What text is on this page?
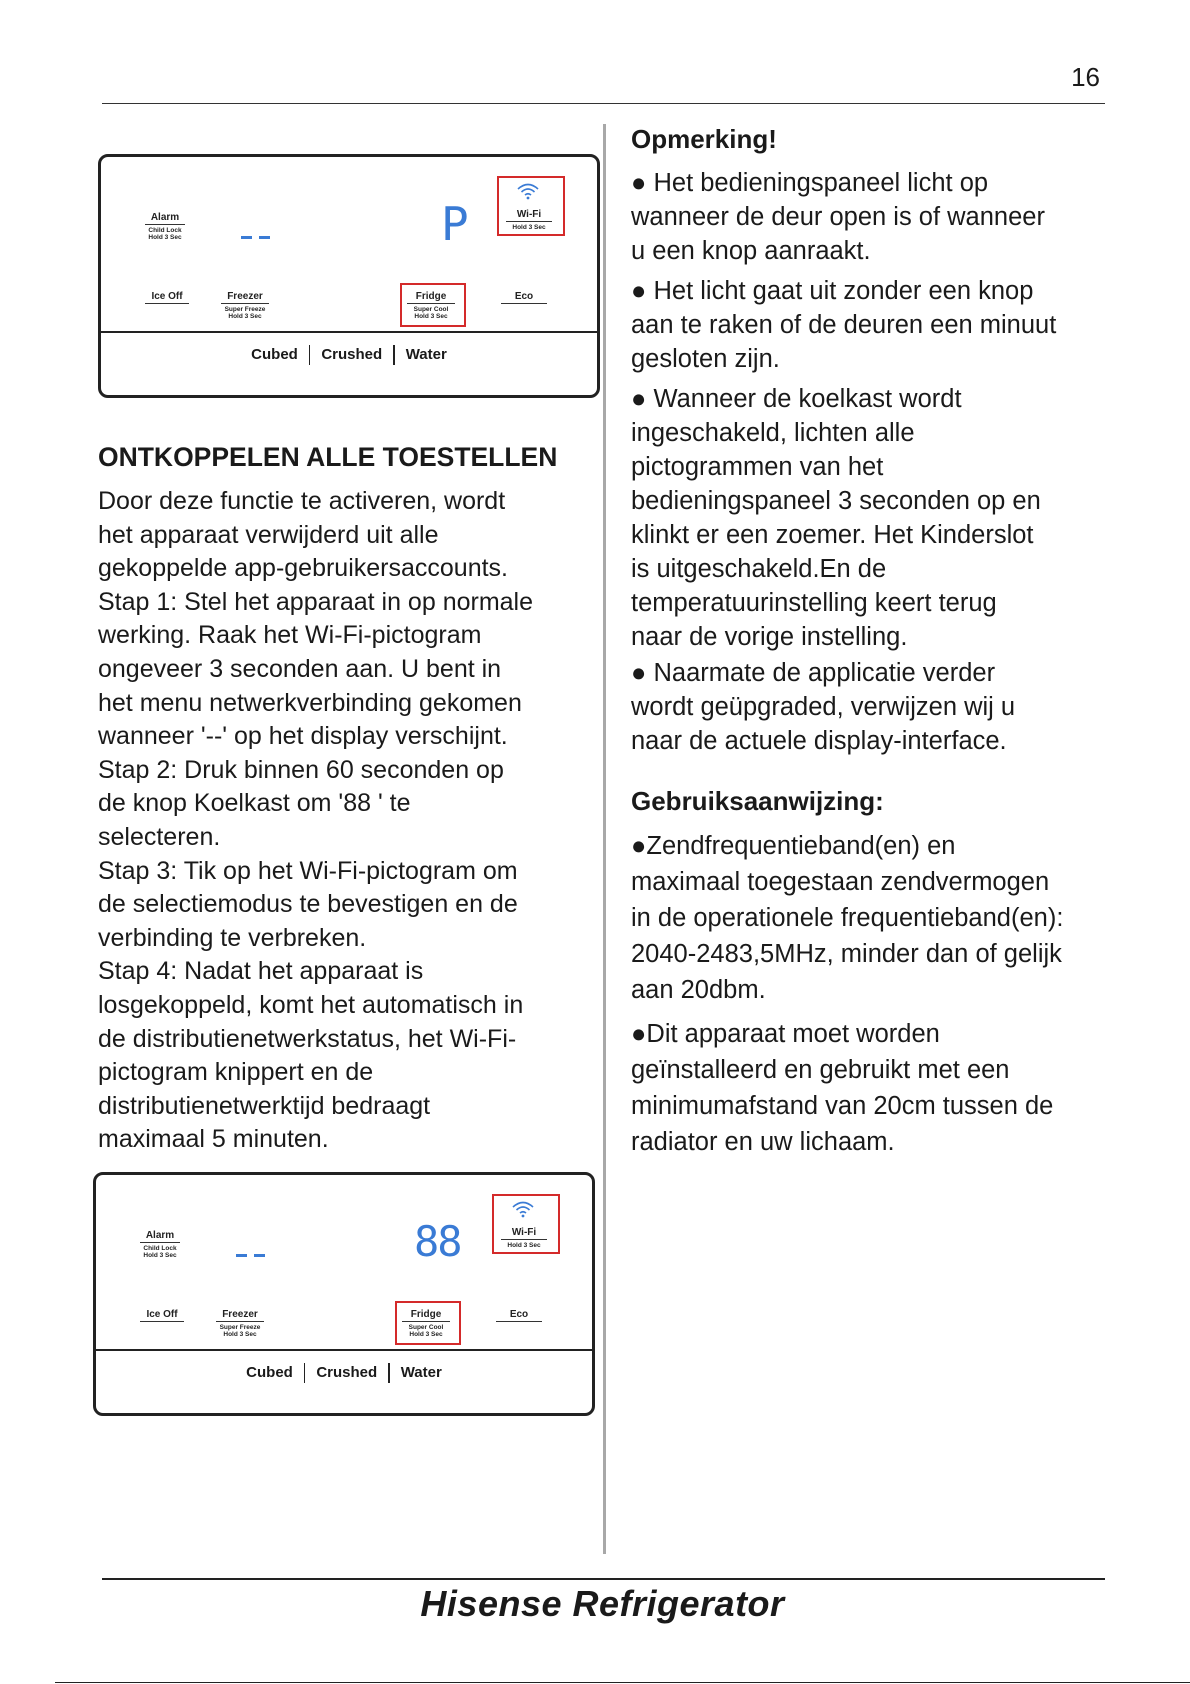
16
Alarm
Child Lock
Hold 3 Sec	P	Wi-Fi
Hold 3 Sec
Ice Off	Freezer
Super Freeze
Hold 3 Sec
Fridge
Super Cool
Hold 3 Sec
Eco
Cubed Crushed Water
ONTKOPPELEN ALLE TOESTELLEN
Door deze functie te activeren, wordt
het apparaat verwijderd uit alle
gekoppelde app-gebruikersaccounts.
Stap 1: Stel het apparaat in op normale
werking. Raak het Wi-Fi-pictogram
ongeveer 3 seconden aan. U bent in
het menu netwerkverbinding gekomen
wanneer '--' op het display verschijnt.
Stap 2: Druk binnen 60 seconden op
de knop Koelkast om '88 ' te
selecteren.
Stap 3: Tik op het Wi-Fi-pictogram om
de selectiemodus te bevestigen en de
verbinding te verbreken.
Stap 4: Nadat het apparaat is
losgekoppeld, komt het automatisch in
de distributienetwerkstatus, het Wi-Fi-
pictogram knippert en de
distributienetwerktijd bedraagt
maximaal 5 minuten.
Alarm
Child Lock
Hold 3 Sec	88	Wi-Fi
Hold 3 Sec
Ice Off	Freezer
Super Freeze
Hold 3 Sec
Fridge
Super Cool
Hold 3 Sec
Eco
Cubed Crushed Water
Opmerking!
● Het bedieningspaneel licht op
wanneer de deur open is of wanneer
u een knop aanraakt.
● Het licht gaat uit zonder een knop
aan te raken of de deuren een minuut
gesloten zijn.
● Wanneer de koelkast wordt
ingeschakeld, lichten alle
pictogrammen van het
bedieningspaneel 3 seconden op en
klinkt er een zoemer. Het Kinderslot
is uitgeschakeld.En de
temperatuurinstelling keert terug
naar de vorige instelling.
● Naarmate de applicatie verder
wordt geüpgraded, verwijzen wij u
naar de actuele display-interface.
Gebruiksaanwijzing:
●Zendfrequentieband(en) en
maximaal toegestaan zendvermogen
in de operationele frequentieband(en):
2040-2483,5MHz, minder dan of gelijk
aan 20dbm.
●Dit apparaat moet worden
geïnstalleerd en gebruikt met een
minimumafstand van 20cm tussen de
radiator en uw lichaam.
Hisense Refrigerator
